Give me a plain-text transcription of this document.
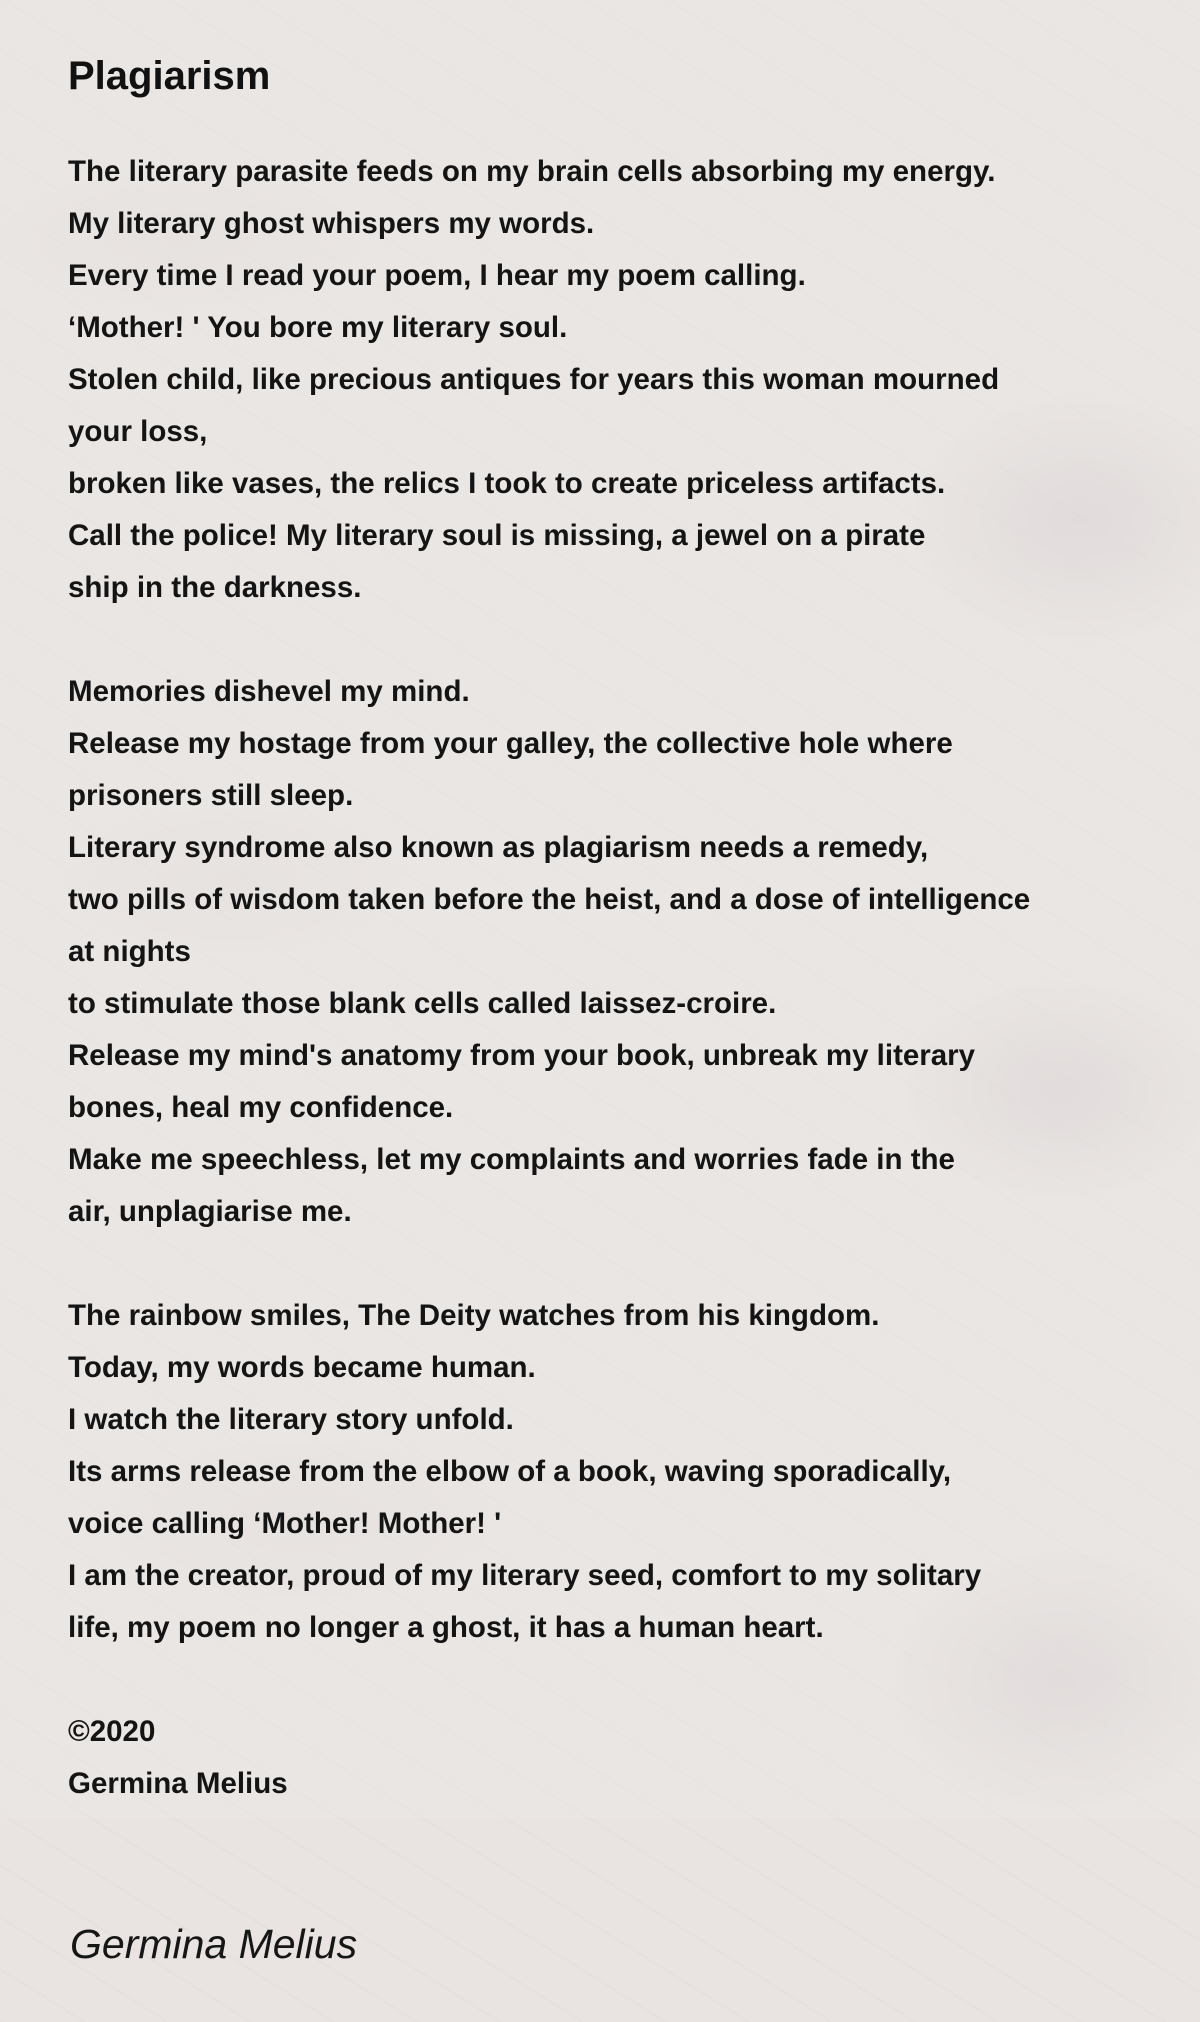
Plagiarism
The literary parasite feeds on my brain cells absorbing my energy.
My literary ghost whispers my words.
Every time I read your poem, I hear my poem calling.
‘Mother! ' You bore my literary soul.
Stolen child, like precious antiques for years this woman mourned
your loss,
broken like vases, the relics I took to create priceless artifacts.
Call the police! My literary soul is missing, a jewel on a pirate
ship in the darkness.
Memories dishevel my mind.
Release my hostage from your galley, the collective hole where
prisoners still sleep.
Literary syndrome also known as plagiarism needs a remedy,
two pills of wisdom taken before the heist, and a dose of intelligence
at nights
to stimulate those blank cells called laissez-croire.
Release my mind's anatomy from your book, unbreak my literary
bones, heal my confidence.
Make me speechless, let my complaints and worries fade in the
air, unplagiarise me.
The rainbow smiles, The Deity watches from his kingdom.
Today, my words became human.
I watch the literary story unfold.
Its arms release from the elbow of a book, waving sporadically,
voice calling ‘Mother! Mother! '
I am the creator, proud of my literary seed, comfort to my solitary
life, my poem no longer a ghost, it has a human heart.
©2020
Germina Melius
Germina Melius
